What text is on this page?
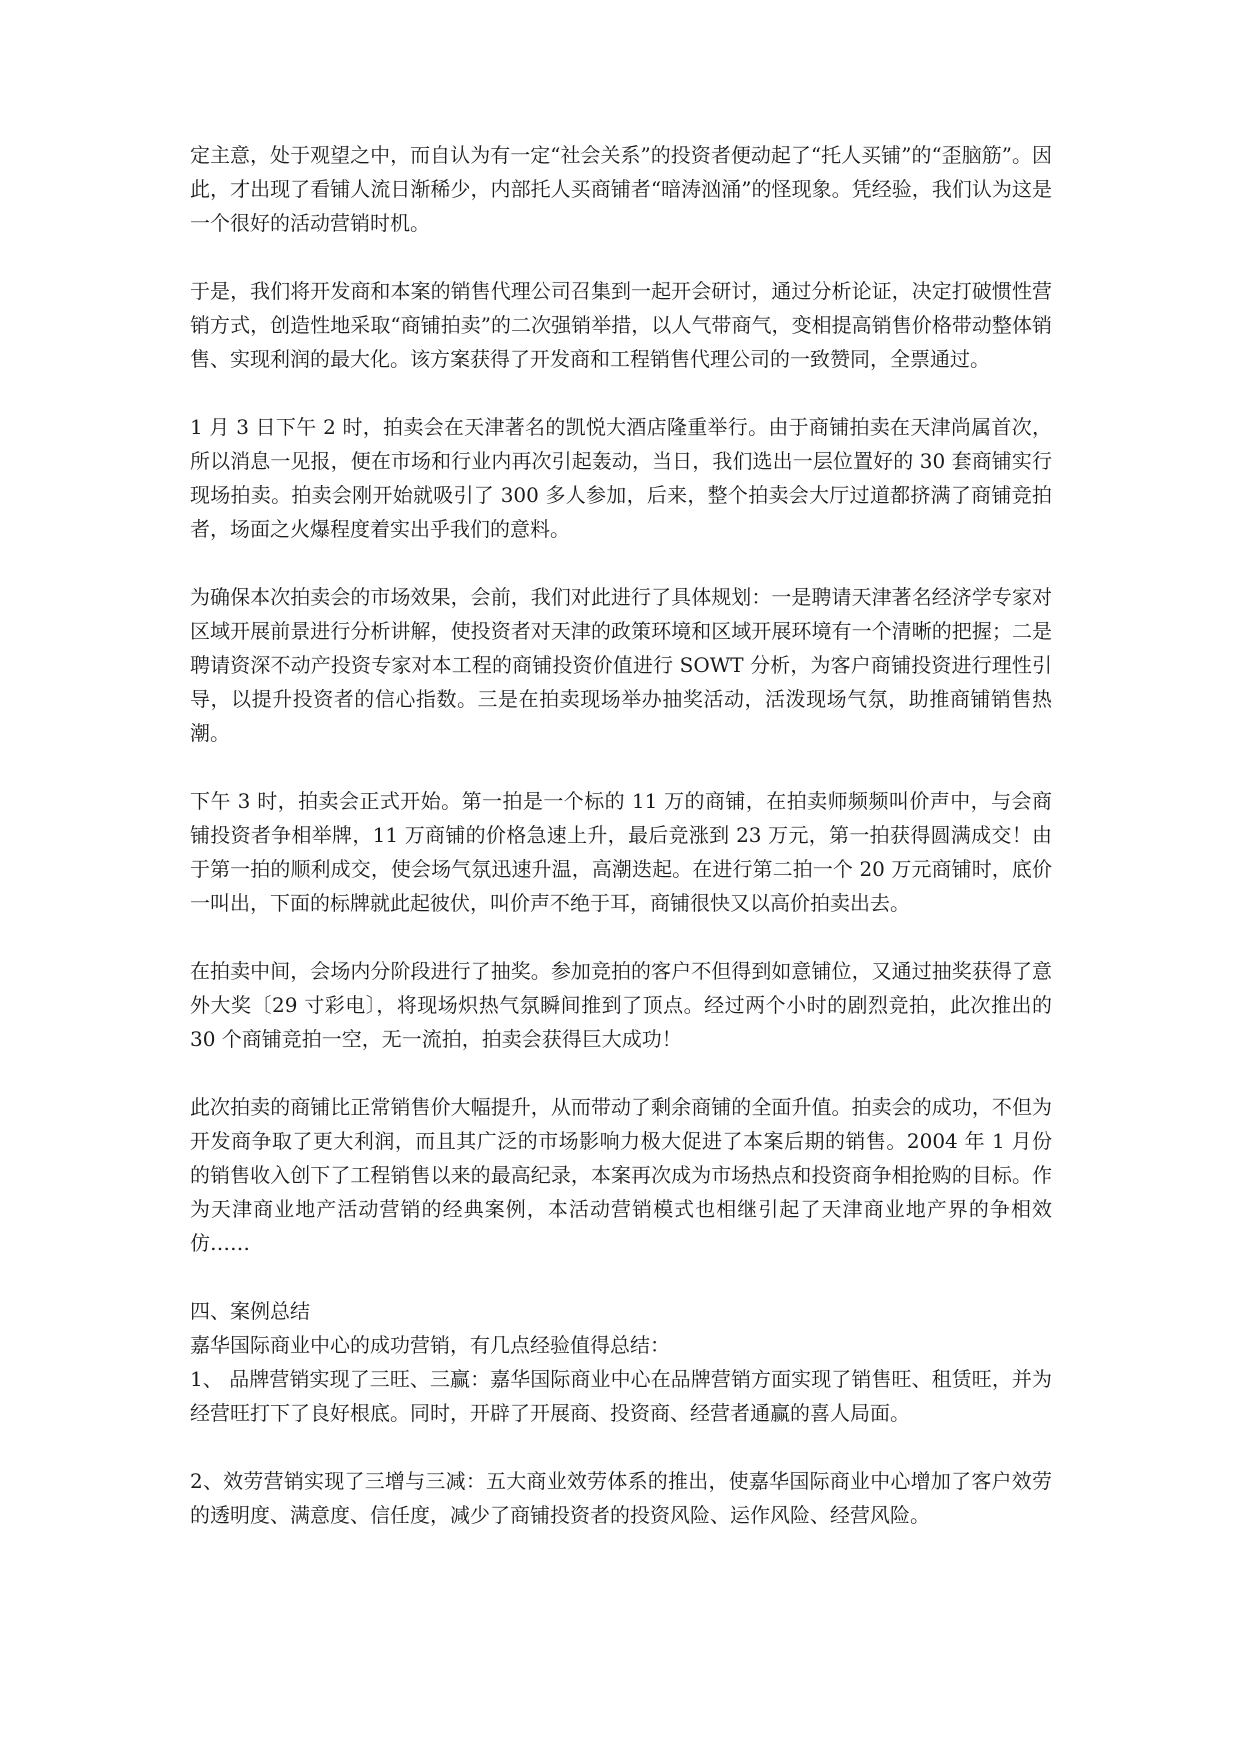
定主意，处于观望之中，而自认为有一定“社会关系”的投资者便动起了“托人买铺”的“歪脑筋”。因此，才出现了看铺人流日渐稀少，内部托人买商铺者“暗涛汹涌”的怪现象。凭经验，我们认为这是一个很好的活动营销时机。

于是，我们将开发商和本案的销售代理公司召集到一起开会研讨，通过分析论证，决定打破惯性营销方式，创造性地采取“商铺拍卖”的二次强销举措，以人气带商气，变相提高销售价格带动整体销售、实现利润的最大化。该方案获得了开发商和工程销售代理公司的一致赞同，全票通过。

1 月 3 日下午 2 时，拍卖会在天津著名的凯悦大酒店隆重举行。由于商铺拍卖在天津尚属首次，所以消息一见报，便在市场和行业内再次引起轰动，当日，我们选出一层位置好的 30 套商铺实行现场拍卖。拍卖会刚开始就吸引了 300 多人参加，后来，整个拍卖会大厅过道都挤满了商铺竞拍者，场面之火爆程度着实出乎我们的意料。

为确保本次拍卖会的市场效果，会前，我们对此进行了具体规划：一是聘请天津著名经济学专家对区域开展前景进行分析讲解，使投资者对天津的政策环境和区域开展环境有一个清晰的把握；二是聘请资深不动产投资专家对本工程的商铺投资价值进行 SOWT 分析，为客户商铺投资进行理性引导，以提升投资者的信心指数。三是在拍卖现场举办抽奖活动，活泼现场气氛，助推商铺销售热潮。

下午 3 时，拍卖会正式开始。第一拍是一个标的 11 万的商铺，在拍卖师频频叫价声中，与会商铺投资者争相举牌，11 万商铺的价格急速上升，最后竞涨到 23 万元，第一拍获得圆满成交！由于第一拍的顺利成交，使会场气氛迅速升温，高潮迭起。在进行第二拍一个 20 万元商铺时，底价一叫出，下面的标牌就此起彼伏，叫价声不绝于耳，商铺很快又以高价拍卖出去。

在拍卖中间，会场内分阶段进行了抽奖。参加竞拍的客户不但得到如意铺位，又通过抽奖获得了意外大奖〔29 寸彩电〕，将现场炽热气氛瞬间推到了顶点。经过两个小时的剧烈竞拍，此次推出的 30 个商铺竞拍一空，无一流拍，拍卖会获得巨大成功！

此次拍卖的商铺比正常销售价大幅提升，从而带动了剩余商铺的全面升值。拍卖会的成功，不但为开发商争取了更大利润，而且其广泛的市场影响力极大促进了本案后期的销售。2004 年 1 月份的销售收入创下了工程销售以来的最高纪录，本案再次成为市场热点和投资商争相抢购的目标。作为天津商业地产活动营销的经典案例，本活动营销模式也相继引起了天津商业地产界的争相效仿……

四、案例总结

嘉华国际商业中心的成功营销，有几点经验值得总结：

1、 品牌营销实现了三旺、三赢：嘉华国际商业中心在品牌营销方面实现了销售旺、租赁旺，并为经营旺打下了良好根底。同时，开辟了开展商、投资商、经营者通赢的喜人局面。

2、效劳营销实现了三增与三减：五大商业效劳体系的推出，使嘉华国际商业中心增加了客户效劳的透明度、满意度、信任度，减少了商铺投资者的投资风险、运作风险、经营风险。
